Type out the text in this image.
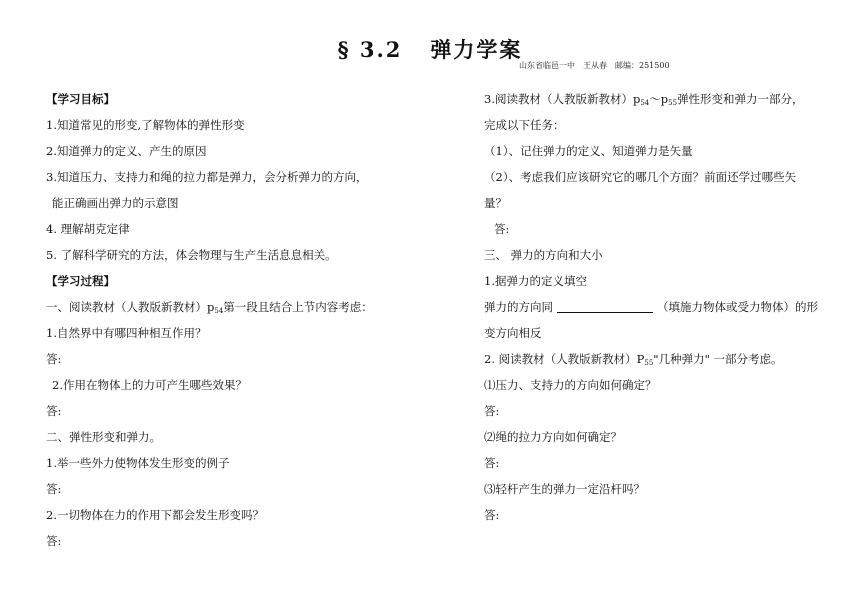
§ 3.2 弹力学案
山东省临邑一中　王从春　邮编：251500
【学习目标】
1.知道常见的形变,了解物体的弹性形变
2.知道弹力的定义、产生的原因
3.知道压力、支持力和绳的拉力都是弹力，会分析弹力的方向，
能正确画出弹力的示意图
4. 理解胡克定律
5. 了解科学研究的方法，体会物理与生产生活息息相关。
【学习过程】
一、阅读教材（人教版新教材）$p_{54}$第一段且结合上节内容考虑：
1.自然界中有哪四种相互作用？
答:
2.作用在物体上的力可产生哪些效果？
答:
二、弹性形变和弹力。
1.举一些外力使物体发生形变的例子
答:
2.一切物体在力的作用下都会发生形变吗？
答:
3.阅读教材（人教版新教材）$p_{54}\sim p_{55}$弹性形变和弹力一部分，
完成以下任务：
（1）、记住弹力的定义、知道弹力是矢量
（2）、考虑我们应该研究它的哪几个方面？前面还学过哪些矢
量？
答:
三、 弹力的方向和大小
1.据弹力的定义填空
弹力的方向同	（填施力物体或受力物体）的形
变方向相反
2. 阅读教材（人教版新教材）$P_{55}$"几种弹力" 一部分考虑。
⑴压力、支持力的方向如何确定？
答:
⑵绳的拉力方向如何确定？
答:
⑶轻杆产生的弹力一定沿杆吗？
答:
